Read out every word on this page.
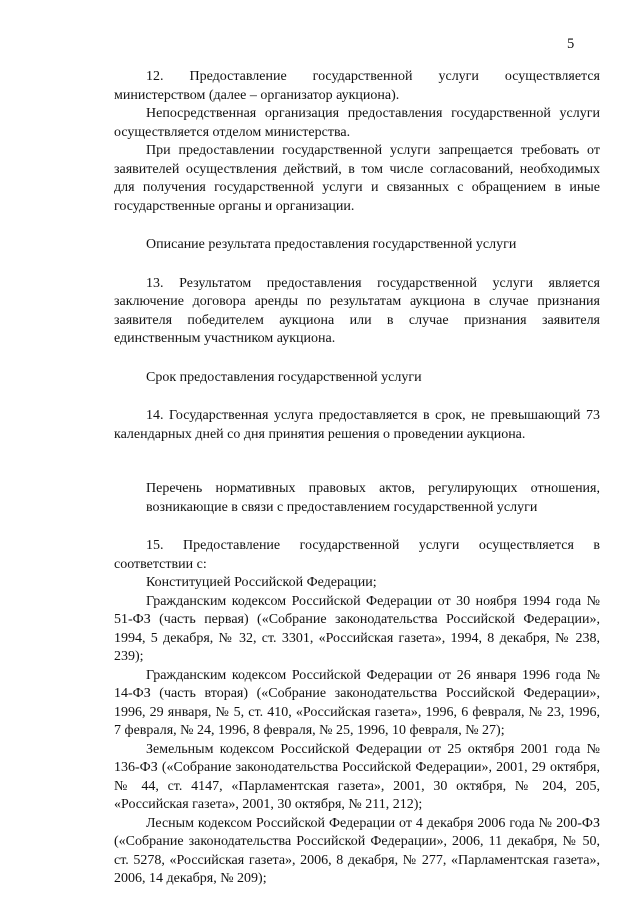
5

12. Предоставление государственной услуги осуществляется министерством (далее – организатор аукциона).

Непосредственная организация предоставления государственной услуги осуществляется отделом министерства.

При предоставлении государственной услуги запрещается требовать от заявителей осуществления действий, в том числе согласований, необходимых для получения государственной услуги и связанных с обращением в иные государственные органы и организации.

Описание результата предоставления государственной услуги

13. Результатом предоставления государственной услуги является заключение договора аренды по результатам аукциона в случае признания заявителя победителем аукциона или в случае признания заявителя единственным участником аукциона.

Срок предоставления государственной услуги

14. Государственная услуга предоставляется в срок, не превышающий 73 календарных дней со дня принятия решения о проведении аукциона.

Перечень нормативных правовых актов, регулирующих отношения, возникающие в связи с предоставлением государственной услуги

15. Предоставление государственной услуги осуществляется в соответствии с:

Конституцией Российской Федерации;

Гражданским кодексом Российской Федерации от 30 ноября 1994 года № 51-ФЗ (часть первая) («Собрание законодательства Российской Федерации», 1994, 5 декабря, № 32, ст. 3301, «Российская газета», 1994, 8 декабря, № 238, 239);

Гражданским кодексом Российской Федерации от 26 января 1996 года № 14-ФЗ (часть вторая) («Собрание законодательства Российской Федерации», 1996, 29 января, № 5, ст. 410, «Российская газета», 1996, 6 февраля, № 23, 1996, 7 февраля, № 24, 1996, 8 февраля, № 25, 1996, 10 февраля, № 27);

Земельным кодексом Российской Федерации от 25 октября 2001 года № 136-ФЗ («Собрание законодательства Российской Федерации», 2001, 29 октября, № 44, ст. 4147, «Парламентская газета», 2001, 30 октября, № 204, 205, «Российская газета», 2001, 30 октября, № 211, 212);

Лесным кодексом Российской Федерации от 4 декабря 2006 года № 200-ФЗ («Собрание законодательства Российской Федерации», 2006, 11 декабря, № 50, ст. 5278, «Российская газета», 2006, 8 декабря, № 277, «Парламентская газета», 2006, 14 декабря, № 209);
